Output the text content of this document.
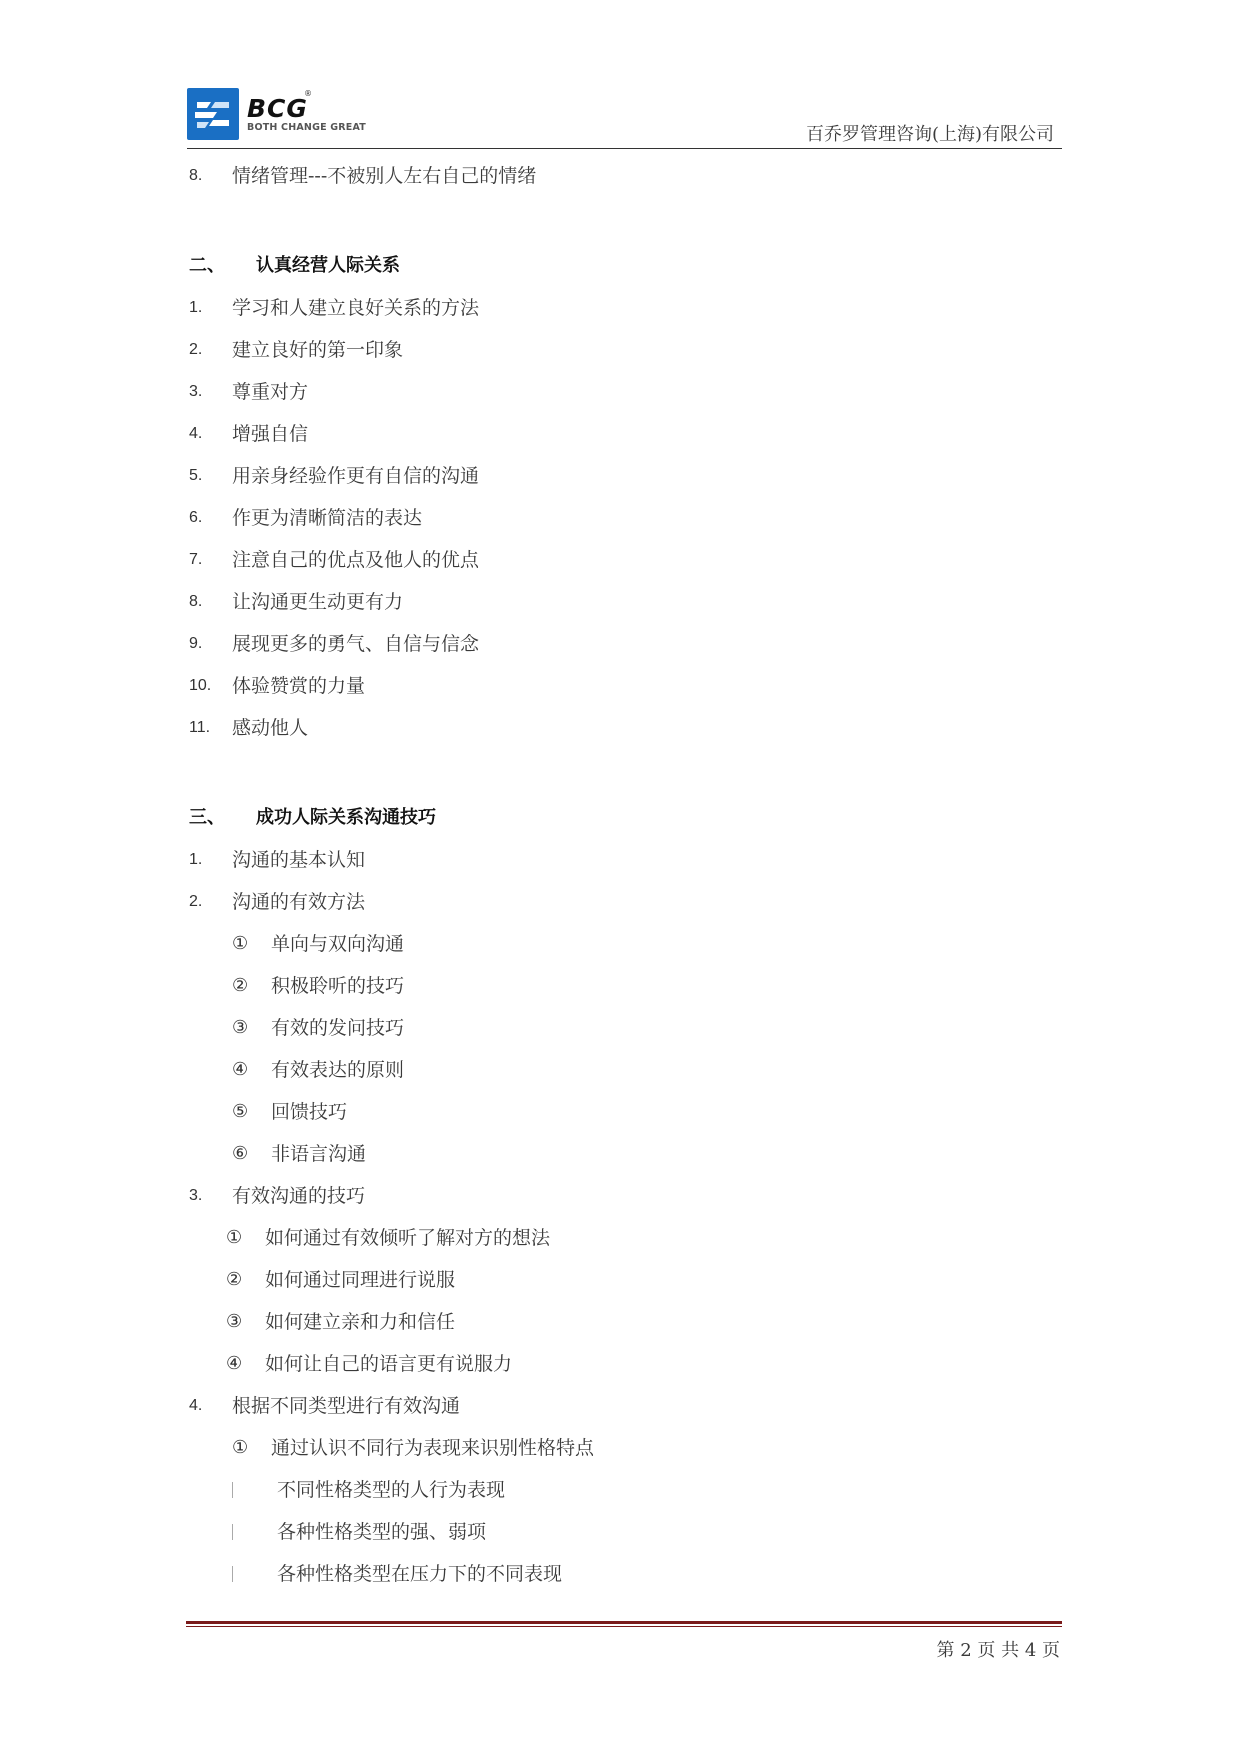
BCG
®
BOTH CHANGE GREAT	百乔罗管理咨询(上海)有限公司
8. 情绪管理---不被别人左右自己的情绪
二、 认真经营人际关系
1. 学习和人建立良好关系的方法
2. 建立良好的第一印象
3. 尊重对方
4. 增强自信
5. 用亲身经验作更有自信的沟通
6. 作更为清晰简洁的表达
7. 注意自己的优点及他人的优点
8. 让沟通更生动更有力
9. 展现更多的勇气、自信与信念
10. 体验赞赏的力量
11. 感动他人
三、 成功人际关系沟通技巧
1. 沟通的基本认知
2. 沟通的有效方法
① 单向与双向沟通
② 积极聆听的技巧
③ 有效的发问技巧
④ 有效表达的原则
⑤ 回馈技巧
⑥ 非语言沟通
3. 有效沟通的技巧
① 如何通过有效倾听了解对方的想法
② 如何通过同理进行说服
③ 如何建立亲和力和信任
④ 如何让自己的语言更有说服力
4. 根据不同类型进行有效沟通
① 通过认识不同行为表现来识别性格特点
不同性格类型的人行为表现
各种性格类型的强、弱项
各种性格类型在压力下的不同表现
第 2 页 共 4 页
